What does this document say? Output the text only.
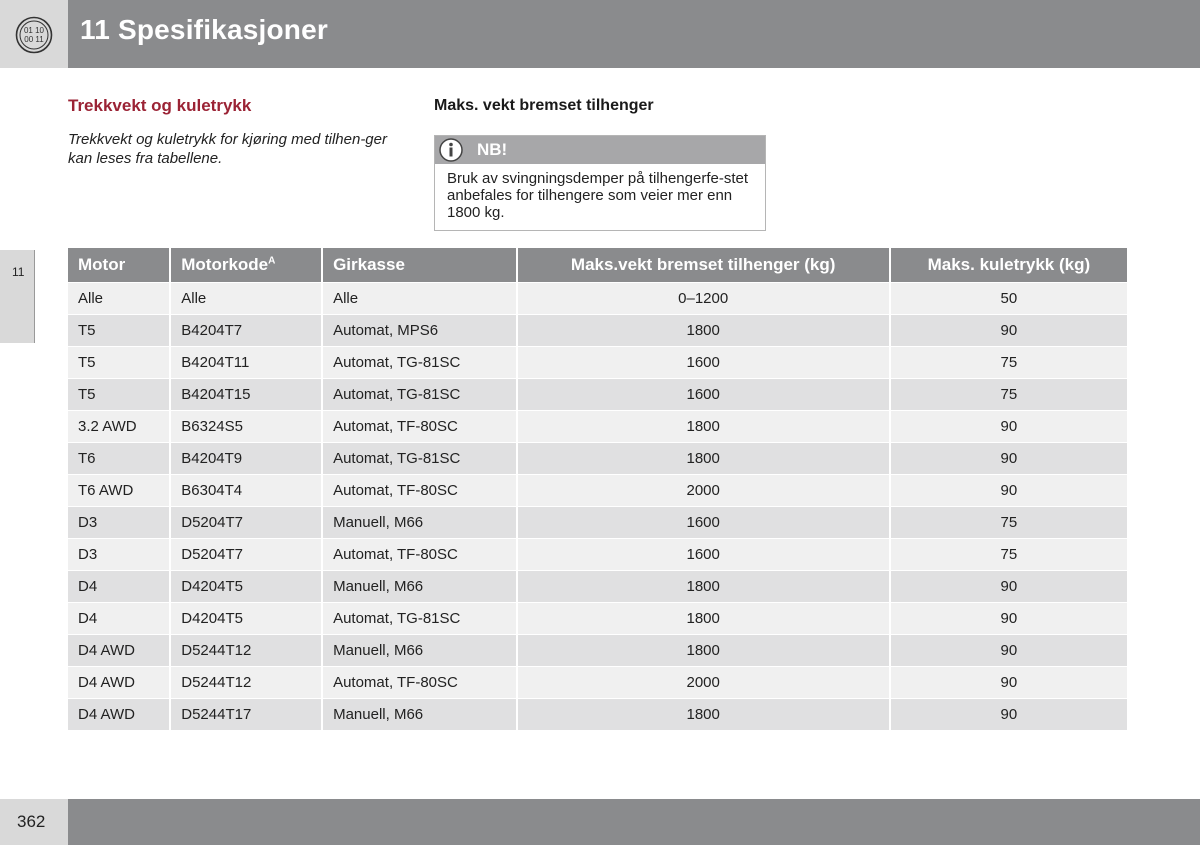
01 10
00 11 11 Spesifikasjoner
11
Trekkvekt og kuletrykk
Trekkvekt og kuletrykk for kjøring med tilhen-ger kan leses fra tabellene.
Maks. vekt bremset tilhenger
NB!
Bruk av svingningsdemper på tilhengerfe-stet anbefales for tilhengere som veier mer enn 1800 kg.
Motor	Motorkode$^A$	Girkasse	Maks.vekt bremset tilhenger (kg)	Maks. kuletrykk (kg)
Alle	Alle	Alle	0–1200	50
T5	B4204T7	Automat, MPS6	1800	90
T5	B4204T11	Automat, TG-81SC	1600	75
T5	B4204T15	Automat, TG-81SC	1600	75
3.2 AWD	B6324S5	Automat, TF-80SC	1800	90
T6	B4204T9	Automat, TG-81SC	1800	90
T6 AWD	B6304T4	Automat, TF-80SC	2000	90
D3	D5204T7	Manuell, M66	1600	75
D3	D5204T7	Automat, TF-80SC	1600	75
D4	D4204T5	Manuell, M66	1800	90
D4	D4204T5	Automat, TG-81SC	1800	90
D4 AWD	D5244T12	Manuell, M66	1800	90
D4 AWD	D5244T12	Automat, TF-80SC	2000	90
D4 AWD	D5244T17	Manuell, M66	1800	90
362
